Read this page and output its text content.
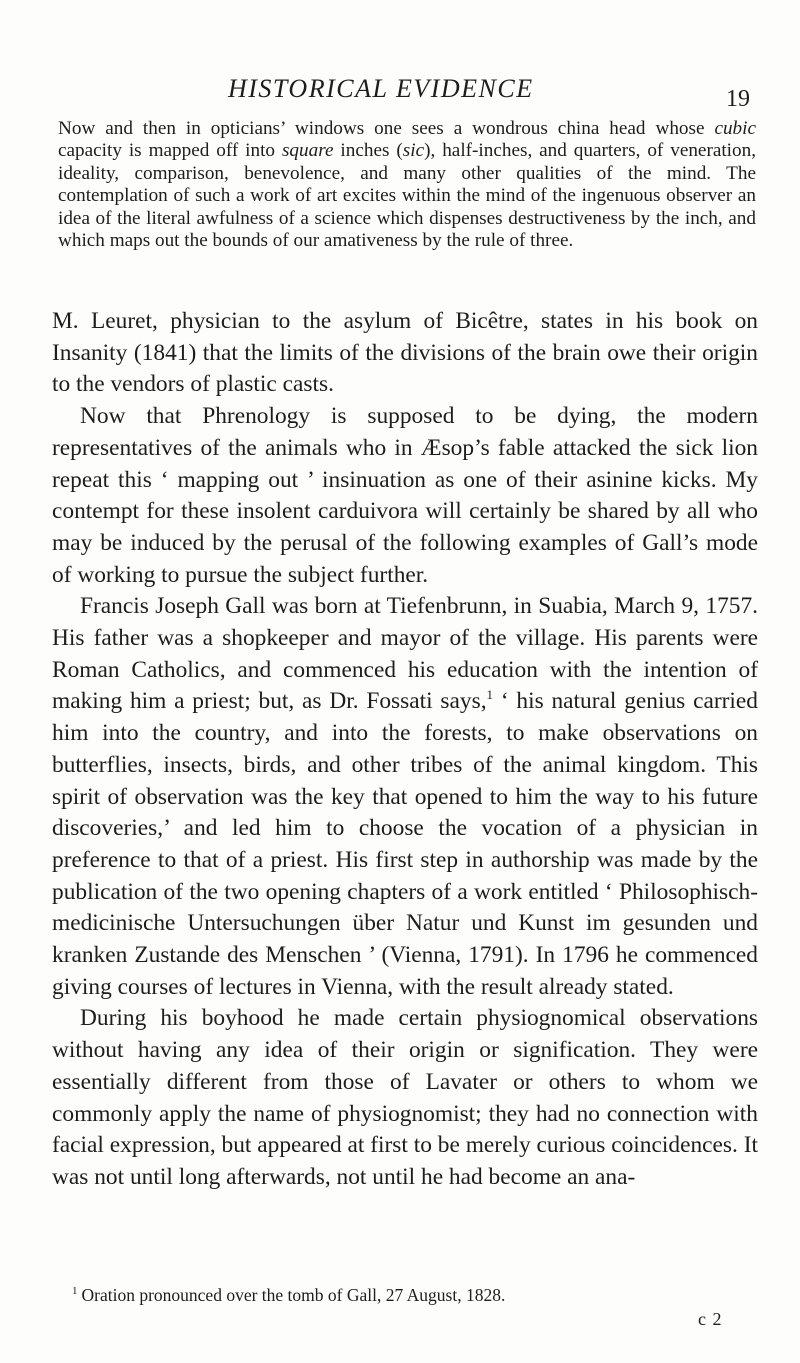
HISTORICAL EVIDENCE	19

Now and then in opticians’ windows one sees a wondrous china head whose cubic capacity is mapped off into square inches (sic), half-inches, and quarters, of veneration, ideality, comparison, benevolence, and many other qualities of the mind. The contemplation of such a work of art excites within the mind of the ingenuous observer an idea of the literal awfulness of a science which dispenses destructiveness by the inch, and which maps out the bounds of our amativeness by the rule of three.

M. Leuret, physician to the asylum of Bicêtre, states in his book on Insanity (1841) that the limits of the divisions of the brain owe their origin to the vendors of plastic casts.

Now that Phrenology is supposed to be dying, the modern representatives of the animals who in Æsop’s fable attacked the sick lion repeat this ‘ mapping out ’ insinuation as one of their asinine kicks. My contempt for these insolent carduivora will certainly be shared by all who may be induced by the perusal of the following examples of Gall’s mode of working to pursue the subject further.

Francis Joseph Gall was born at Tiefenbrunn, in Suabia, March 9, 1757. His father was a shopkeeper and mayor of the village. His parents were Roman Catholics, and commenced his education with the intention of making him a priest; but, as Dr. Fossati says,$^1$ ‘ his natural genius carried him into the country, and into the forests, to make observations on butterflies, insects, birds, and other tribes of the animal kingdom. This spirit of observation was the key that opened to him the way to his future discoveries,’ and led him to choose the vocation of a physician in preference to that of a priest. His first step in authorship was made by the publication of the two opening chapters of a work entitled ‘ Philosophisch-medicinische Untersuchungen über Natur und Kunst im gesunden und kranken Zustande des Menschen ’ (Vienna, 1791). In 1796 he commenced giving courses of lectures in Vienna, with the result already stated.

During his boyhood he made certain physiognomical observations without having any idea of their origin or signification. They were essentially different from those of Lavater or others to whom we commonly apply the name of physiognomist; they had no connection with facial expression, but appeared at first to be merely curious coincidences. It was not until long afterwards, not until he had become an ana-

$^1$ Oration pronounced over the tomb of Gall, 27 August, 1828.

c 2
